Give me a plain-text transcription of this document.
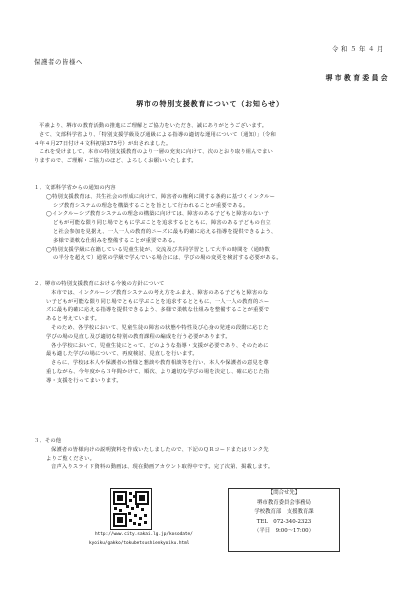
令和５年４月
保護者の皆様へ
堺市教育委員会
堺市の特別支援教育について（お知らせ）

平素より、堺市の教育活動の推進にご理解とご協力をいただき、誠にありがとうございます。

さて、文部科学省より、「特別支援学級及び通級による指導の適切な運用について（通知）」（令和

４年４月27日付け４文科初第375号）が出されました。

これを受けまして、本市の特別支援教育のより一層の充実に向けて、次のとおり取り組んでまい

りますので、ご理解・ご協力のほど、よろしくお願いいたします。

１．文部科学省からの通知の内容

◯特別支援教育は、共生社会の形成に向けて、障害者の権利に関する条約に基づくインクルー

シブ教育システムの理念を構築することを旨として行われることが重要である。

◯インクルーシブ教育システムの理念の構築に向けては、障害のある子どもと障害のない子

どもが可能な限り同じ場でともに学ぶことを追求するとともに、障害のある子どもの自立

と社会参加を見据え、一人一人の教育的ニーズに最も的確に応える指導を提供できるよう、

多様で柔軟な仕組みを整備することが重要である。

◯特別支援学級に在籍している児童生徒が、交流及び共同学習として大半の時間を（通時数

の半分を超えて）通常の学級で学んでいる場合には、学びの場の変更を検討する必要がある。

２．堺市の特別支援教育における今後の方針について

本市では、インクルーシブ教育システムの考え方をふまえ、障害のある子どもと障害のな

い子どもが可能な限り同じ場でともに学ぶことを追求するとともに、一人一人の教育的ニー

ズに最も的確に応える指導を提供できるよう、多様で柔軟な仕組みを整備することが重要で

あると考えています。

そのため、各学校において、児童生徒の障害の状態や特性及び心身の発達の段階に応じた

学びの場の見直し及び適切な特別の教育課程の編成を行う必要があります。

各小学校において、児童生徒にとって、どのような指導・支援が必要であり、そのために

最も適した学びの場について、再度検討、見直しを行います。

さらに、学校は本人や保護者の皆様と懇談や教育相談等を行い、本人や保護者の意見を尊

重しながら、今年度から３年間かけて、順次、より適切な学びの場を決定し、確に応じた指

導・支援を行ってまいります。

３．その他

保護者の皆様向けの説明資料を作成いたしましたので、下記のＱＲコードまたはリンク先

よりご覧ください。

音声入りスライド資料の動画は、現在動画アカウント取得中です。完了次第、掲載します。

http://www.city.sakai.lg.jp/kosodate/
kyoiku/gakko/tokubetsushienkyoiku.html
【問合せ先】
堺市教育委員会事務局
学校教育部　支援教育課
TEL　072-340-2323
（平日　9:00～17:00）
